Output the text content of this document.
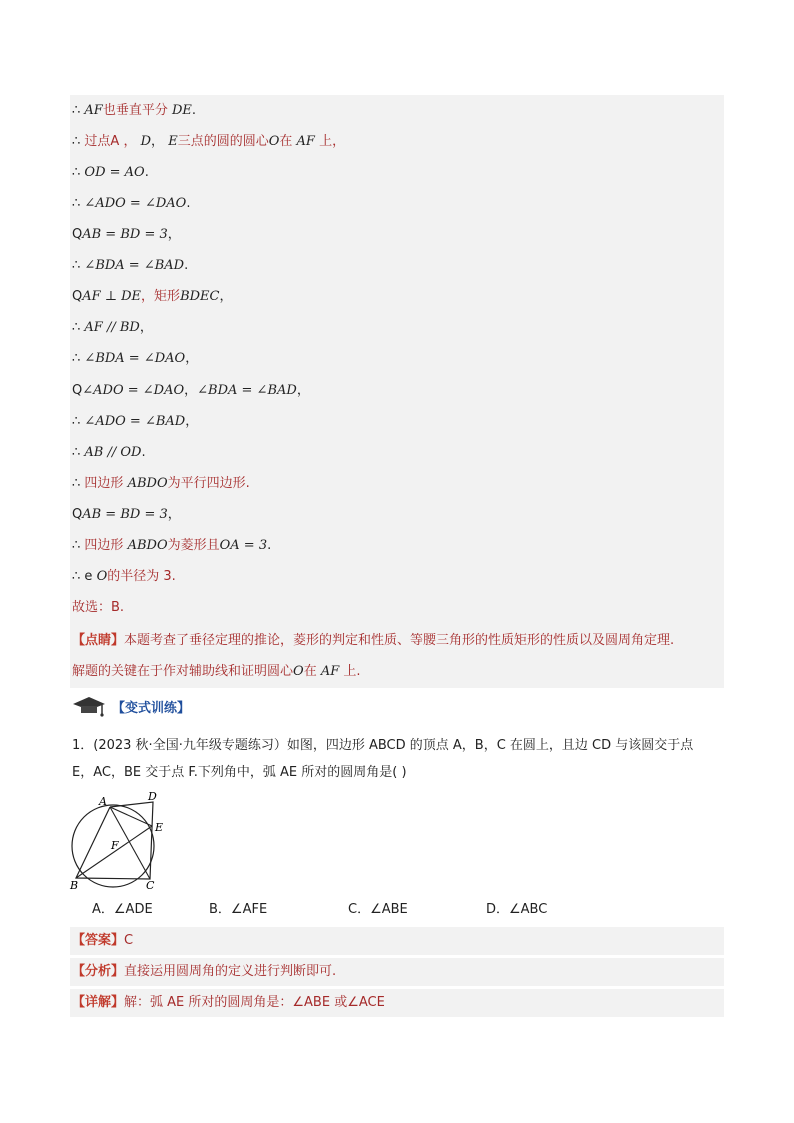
∴ AF也垂直平分 DE.
∴ 过点A ， D， E三点的圆的圆心O在 AF 上，
∴ OD = AO.
∴ ∠ADO = ∠DAO.
QAB = BD = 3，
∴ ∠BDA = ∠BAD.
QAF ⊥ DE，矩形BDEC，
∴ AF // BD，
∴ ∠BDA = ∠DAO，
Q∠ADO = ∠DAO，∠BDA = ∠BAD，
∴ ∠ADO = ∠BAD，
∴ AB // OD.
∴ 四边形 ABDO为平行四边形.
QAB = BD = 3，
∴ 四边形 ABDO为菱形且OA = 3.
∴ e O的半径为 3.
故选：B.
【点睛】本题考查了垂径定理的推论，菱形的判定和性质、等腰三角形的性质矩形的性质以及圆周角定理.
解题的关键在于作对辅助线和证明圆心O在 AF 上.
【变式训练】
1．(2023 秋·全国·九年级专题练习）如图，四边形 ABCD 的顶点 A，B，C 在圆上，且边 CD 与该圆交于点
E，AC，BE 交于点 F.下列角中，弧 AE 所对的圆周角是( )
A	D
E
F
B	C
A．∠ADE	B．∠AFE	C．∠ABE	D．∠ABC
【答案】C
【分析】直接运用圆周角的定义进行判断即可.
【详解】解：弧 AE 所对的圆周角是：∠ABE 或∠ACE
